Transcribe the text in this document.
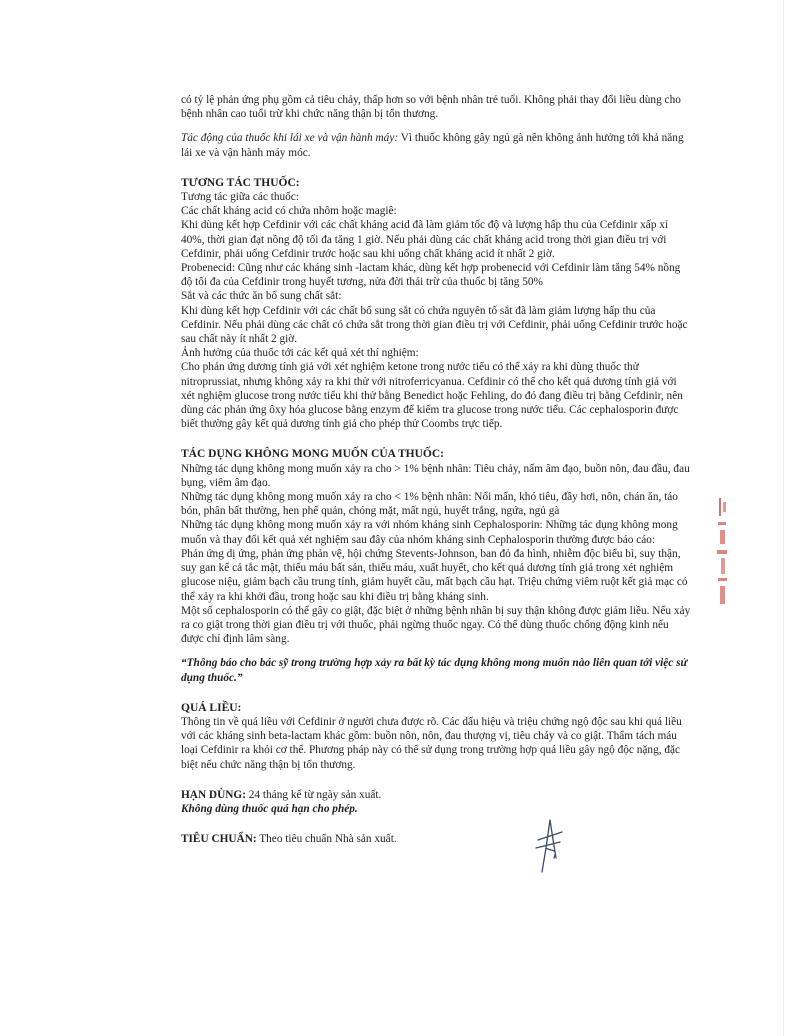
có tỷ lệ phản ứng phụ gồm cả tiêu chảy, thấp hơn so với bệnh nhân trẻ tuổi. Không phải thay đổi liều dùng cho bệnh nhân cao tuổi trừ khi chức năng thận bị tổn thương.

Tác động của thuốc khi lái xe và vận hành máy: Vì thuốc không gây ngủ gà nên không ảnh hưởng tới khả năng lái xe và vận hành máy móc.

TƯƠNG TÁC THUỐC:

Tương tác giữa các thuốc:

Các chất kháng acid có chứa nhôm hoặc magiê:

Khi dùng kết hợp Cefdinir với các chất kháng acid đã làm giảm tốc độ và lượng hấp thu của Cefdinir xấp xỉ 40%, thời gian đạt nồng độ tối đa tăng 1 giờ. Nếu phải dùng các chất kháng acid trong thời gian điều trị với Cefdinir, phải uống Cefdinir trước hoặc sau khi uống chất kháng acid ít nhất 2 giờ.

Probenecid: Cũng như các kháng sinh -lactam khác, dùng kết hợp probenecid với Cefdinir làm tăng 54% nồng độ tối đa của Cefdinir trong huyết tương, nửa đời thải trừ của thuốc bị tăng 50%

Sắt và các thức ăn bổ sung chất sắt:

Khi dùng kết hợp Cefdinir với các chất bổ sung sắt có chứa nguyên tố sắt đã làm giảm lượng hấp thu của Cefdinir. Nếu phải dùng các chất có chứa sắt trong thời gian điều trị với Cefdinir, phải uống Cefdinir trước hoặc sau chất này ít nhất 2 giờ.

Ảnh hưởng của thuốc tới các kết quả xét thí nghiệm:

Cho phản ứng dương tính giả với xét nghiệm ketone trong nước tiểu có thể xảy ra khi dùng thuốc thử nitroprussiat, nhưng không xảy ra khi thử với nitroferricyanua. Cefdinir có thể cho kết quả dương tính giả với xét nghiệm glucose trong nước tiểu khi thử bằng Benedict hoặc Fehling, do đó đang điều trị bằng Cefdinir, nên dùng các phản ứng ôxy hóa glucose bằng enzym để kiểm tra glucose trong nước tiểu. Các cephalosporin được biết thường gây kết quả dương tính giả cho phép thử Coombs trực tiếp.

TÁC DỤNG KHÔNG MONG MUỐN CỦA THUỐC:

Những tác dụng không mong muốn xảy ra cho > 1% bệnh nhân: Tiêu chảy, nấm âm đạo, buồn nôn, đau đầu, đau bụng, viêm âm đạo.

Những tác dụng không mong muốn xảy ra cho < 1% bệnh nhân: Nổi mẩn, khó tiêu, đầy hơi, nôn, chán ăn, táo bón, phân bất thường, hen phế quản, chóng mặt, mất ngủ, huyết trắng, ngứa, ngủ gà

Những tác dụng không mong muốn xảy ra với nhóm kháng sinh Cephalosporin: Những tác dụng không mong muốn và thay đổi kết quả xét nghiệm sau đây của nhóm kháng sinh Cephalosporin thường được báo cáo:

Phản ứng dị ứng, phản ứng phản vệ, hội chứng Stevents-Johnson, ban đỏ đa hình, nhiễm độc biểu bì, suy thận, suy gan kể cả tắc mật, thiếu máu bất sản, thiếu máu, xuất huyết, cho kết quả dương tính giả trong xét nghiệm glucose niệu, giảm bạch cầu trung tính, giảm huyết cầu, mất bạch cầu hạt. Triệu chứng viêm ruột kết giả mạc có thể xảy ra khi khởi đầu, trong hoặc sau khi điều trị bằng kháng sinh.

Một số cephalosporin có thể gây co giật, đặc biệt ở những bệnh nhân bị suy thận không được giảm liều. Nếu xảy ra co giật trong thời gian điều trị với thuốc, phải ngừng thuốc ngay. Có thể dùng thuốc chống động kinh nếu được chỉ định lâm sàng.

“Thông báo cho bác sỹ trong trường hợp xảy ra bất kỳ tác dụng không mong muốn nào liên quan tới việc sử dụng thuốc.”

QUÁ LIỀU:

Thông tin về quá liều với Cefdinir ở người chưa được rõ. Các dấu hiệu và triệu chứng ngộ độc sau khi quá liều với các kháng sinh beta-lactam khác gồm: buồn nôn, nôn, đau thượng vị, tiêu chảy và co giật. Thẩm tách máu loại Cefdinir ra khỏi cơ thể. Phương pháp này có thể sử dụng trong trường hợp quá liều gây ngộ độc nặng, đặc biệt nếu chức năng thận bị tổn thương.

HẠN DÙNG: 24 tháng kể từ ngày sản xuất.

Không dùng thuốc quá hạn cho phép.

TIÊU CHUẨN: Theo tiêu chuẩn Nhà sản xuất.
